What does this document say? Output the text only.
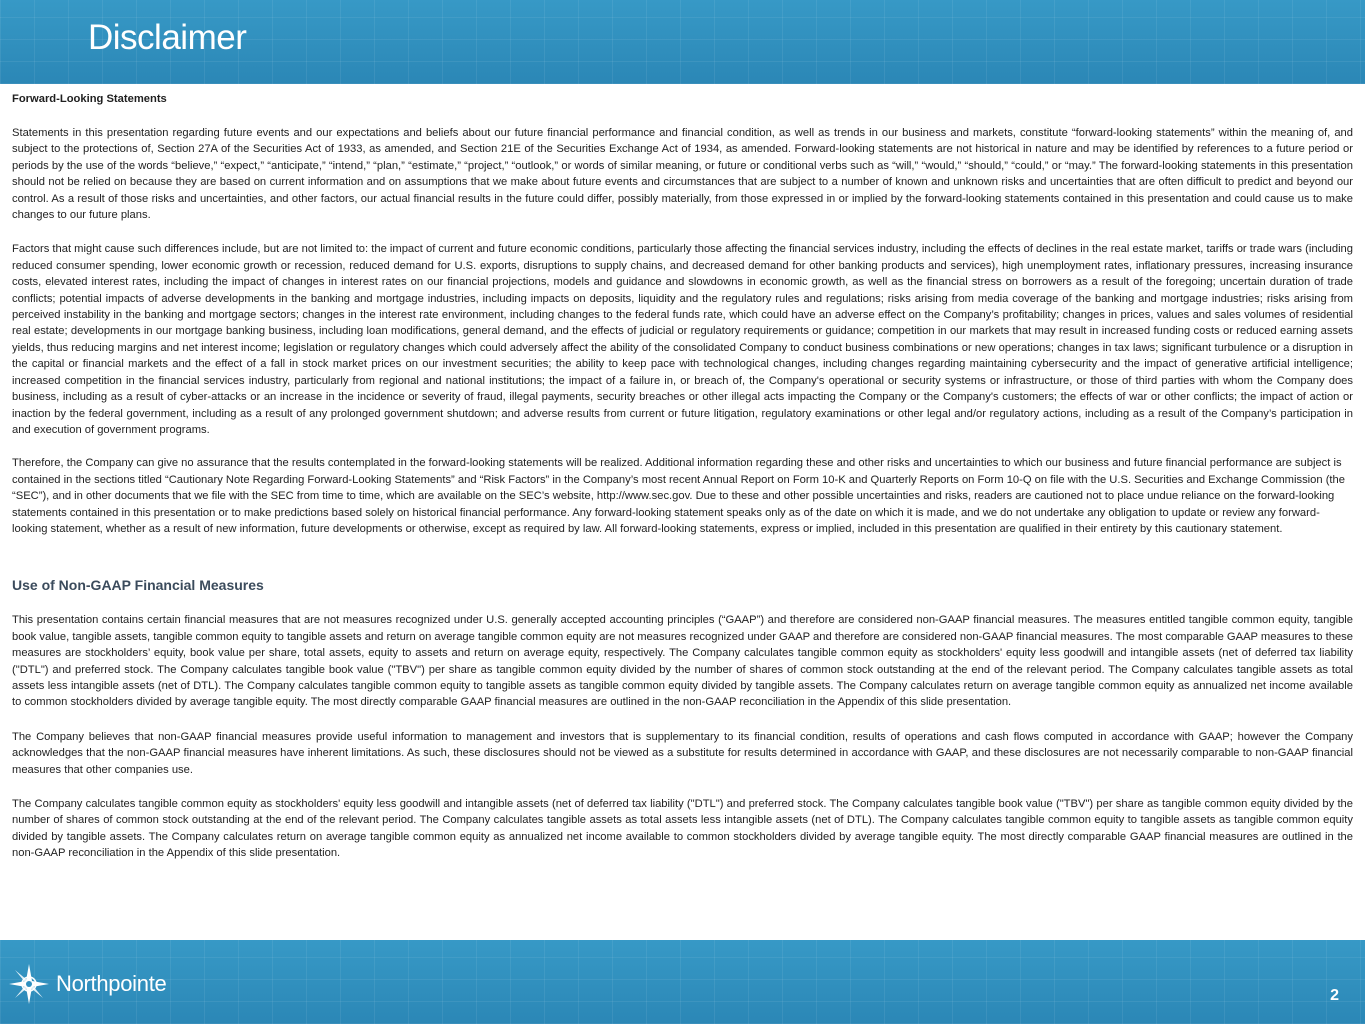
Disclaimer

Forward-Looking Statements

Statements in this presentation regarding future events and our expectations and beliefs about our future financial performance and financial condition, as well as trends in our business and markets, constitute “forward-looking statements” within the meaning of, and subject to the protections of, Section 27A of the Securities Act of 1933, as amended, and Section 21E of the Securities Exchange Act of 1934, as amended. Forward-looking statements are not historical in nature and may be identified by references to a future period or periods by the use of the words “believe,” “expect,” “anticipate,” “intend,” “plan,” “estimate,” “project,” “outlook,” or words of similar meaning, or future or conditional verbs such as “will,” “would,” “should,” “could,” or “may.” The forward-looking statements in this presentation should not be relied on because they are based on current information and on assumptions that we make about future events and circumstances that are subject to a number of known and unknown risks and uncertainties that are often difficult to predict and beyond our control. As a result of those risks and uncertainties, and other factors, our actual financial results in the future could differ, possibly materially, from those expressed in or implied by the forward-looking statements contained in this presentation and could cause us to make changes to our future plans.

Factors that might cause such differences include, but are not limited to: the impact of current and future economic conditions, particularly those affecting the financial services industry, including the effects of declines in the real estate market, tariffs or trade wars (including reduced consumer spending, lower economic growth or recession, reduced demand for U.S. exports, disruptions to supply chains, and decreased demand for other banking products and services), high unemployment rates, inflationary pressures, increasing insurance costs, elevated interest rates, including the impact of changes in interest rates on our financial projections, models and guidance and slowdowns in economic growth, as well as the financial stress on borrowers as a result of the foregoing; uncertain duration of trade conflicts; potential impacts of adverse developments in the banking and mortgage industries, including impacts on deposits, liquidity and the regulatory rules and regulations; risks arising from media coverage of the banking and mortgage industries; risks arising from perceived instability in the banking and mortgage sectors; changes in the interest rate environment, including changes to the federal funds rate, which could have an adverse effect on the Company’s profitability; changes in prices, values and sales volumes of residential real estate; developments in our mortgage banking business, including loan modifications, general demand, and the effects of judicial or regulatory requirements or guidance; competition in our markets that may result in increased funding costs or reduced earning assets yields, thus reducing margins and net interest income; legislation or regulatory changes which could adversely affect the ability of the consolidated Company to conduct business combinations or new operations; changes in tax laws; significant turbulence or a disruption in the capital or financial markets and the effect of a fall in stock market prices on our investment securities; the ability to keep pace with technological changes, including changes regarding maintaining cybersecurity and the impact of generative artificial intelligence; increased competition in the financial services industry, particularly from regional and national institutions; the impact of a failure in, or breach of, the Company's operational or security systems or infrastructure, or those of third parties with whom the Company does business, including as a result of cyber-attacks or an increase in the incidence or severity of fraud, illegal payments, security breaches or other illegal acts impacting the Company or the Company's customers; the effects of war or other conflicts; the impact of action or inaction by the federal government, including as a result of any prolonged government shutdown; and adverse results from current or future litigation, regulatory examinations or other legal and/or regulatory actions, including as a result of the Company’s participation in and execution of government programs.

Therefore, the Company can give no assurance that the results contemplated in the forward-looking statements will be realized. Additional information regarding these and other risks and uncertainties to which our business and future financial performance are subject is contained in the sections titled “Cautionary Note Regarding Forward-Looking Statements” and “Risk Factors” in the Company’s most recent Annual Report on Form 10-K and Quarterly Reports on Form 10-Q on file with the U.S. Securities and Exchange Commission (the “SEC”), and in other documents that we file with the SEC from time to time, which are available on the SEC’s website, http://www.sec.gov. Due to these and other possible uncertainties and risks, readers are cautioned not to place undue reliance on the forward-looking statements contained in this presentation or to make predictions based solely on historical financial performance. Any forward-looking statement speaks only as of the date on which it is made, and we do not undertake any obligation to update or review any forward-looking statement, whether as a result of new information, future developments or otherwise, except as required by law. All forward-looking statements, express or implied, included in this presentation are qualified in their entirety by this cautionary statement.

Use of Non-GAAP Financial Measures

This presentation contains certain financial measures that are not measures recognized under U.S. generally accepted accounting principles (“GAAP”) and therefore are considered non-GAAP financial measures. The measures entitled tangible common equity, tangible book value, tangible assets, tangible common equity to tangible assets and return on average tangible common equity are not measures recognized under GAAP and therefore are considered non-GAAP financial measures. The most comparable GAAP measures to these measures are stockholders’ equity, book value per share, total assets, equity to assets and return on average equity, respectively. The Company calculates tangible common equity as stockholders' equity less goodwill and intangible assets (net of deferred tax liability ("DTL") and preferred stock. The Company calculates tangible book value ("TBV") per share as tangible common equity divided by the number of shares of common stock outstanding at the end of the relevant period. The Company calculates tangible assets as total assets less intangible assets (net of DTL). The Company calculates tangible common equity to tangible assets as tangible common equity divided by tangible assets. The Company calculates return on average tangible common equity as annualized net income available to common stockholders divided by average tangible equity. The most directly comparable GAAP financial measures are outlined in the non-GAAP reconciliation in the Appendix of this slide presentation.

The Company believes that non-GAAP financial measures provide useful information to management and investors that is supplementary to its financial condition, results of operations and cash flows computed in accordance with GAAP; however the Company acknowledges that the non-GAAP financial measures have inherent limitations. As such, these disclosures should not be viewed as a substitute for results determined in accordance with GAAP, and these disclosures are not necessarily comparable to non-GAAP financial measures that other companies use.

The Company calculates tangible common equity as stockholders' equity less goodwill and intangible assets (net of deferred tax liability ("DTL") and preferred stock. The Company calculates tangible book value ("TBV") per share as tangible common equity divided by the number of shares of common stock outstanding at the end of the relevant period. The Company calculates tangible assets as total assets less intangible assets (net of DTL). The Company calculates tangible common equity to tangible assets as tangible common equity divided by tangible assets. The Company calculates return on average tangible common equity as annualized net income available to common stockholders divided by average tangible equity. The most directly comparable GAAP financial measures are outlined in the non-GAAP reconciliation in the Appendix of this slide presentation.

Northpointe	2
